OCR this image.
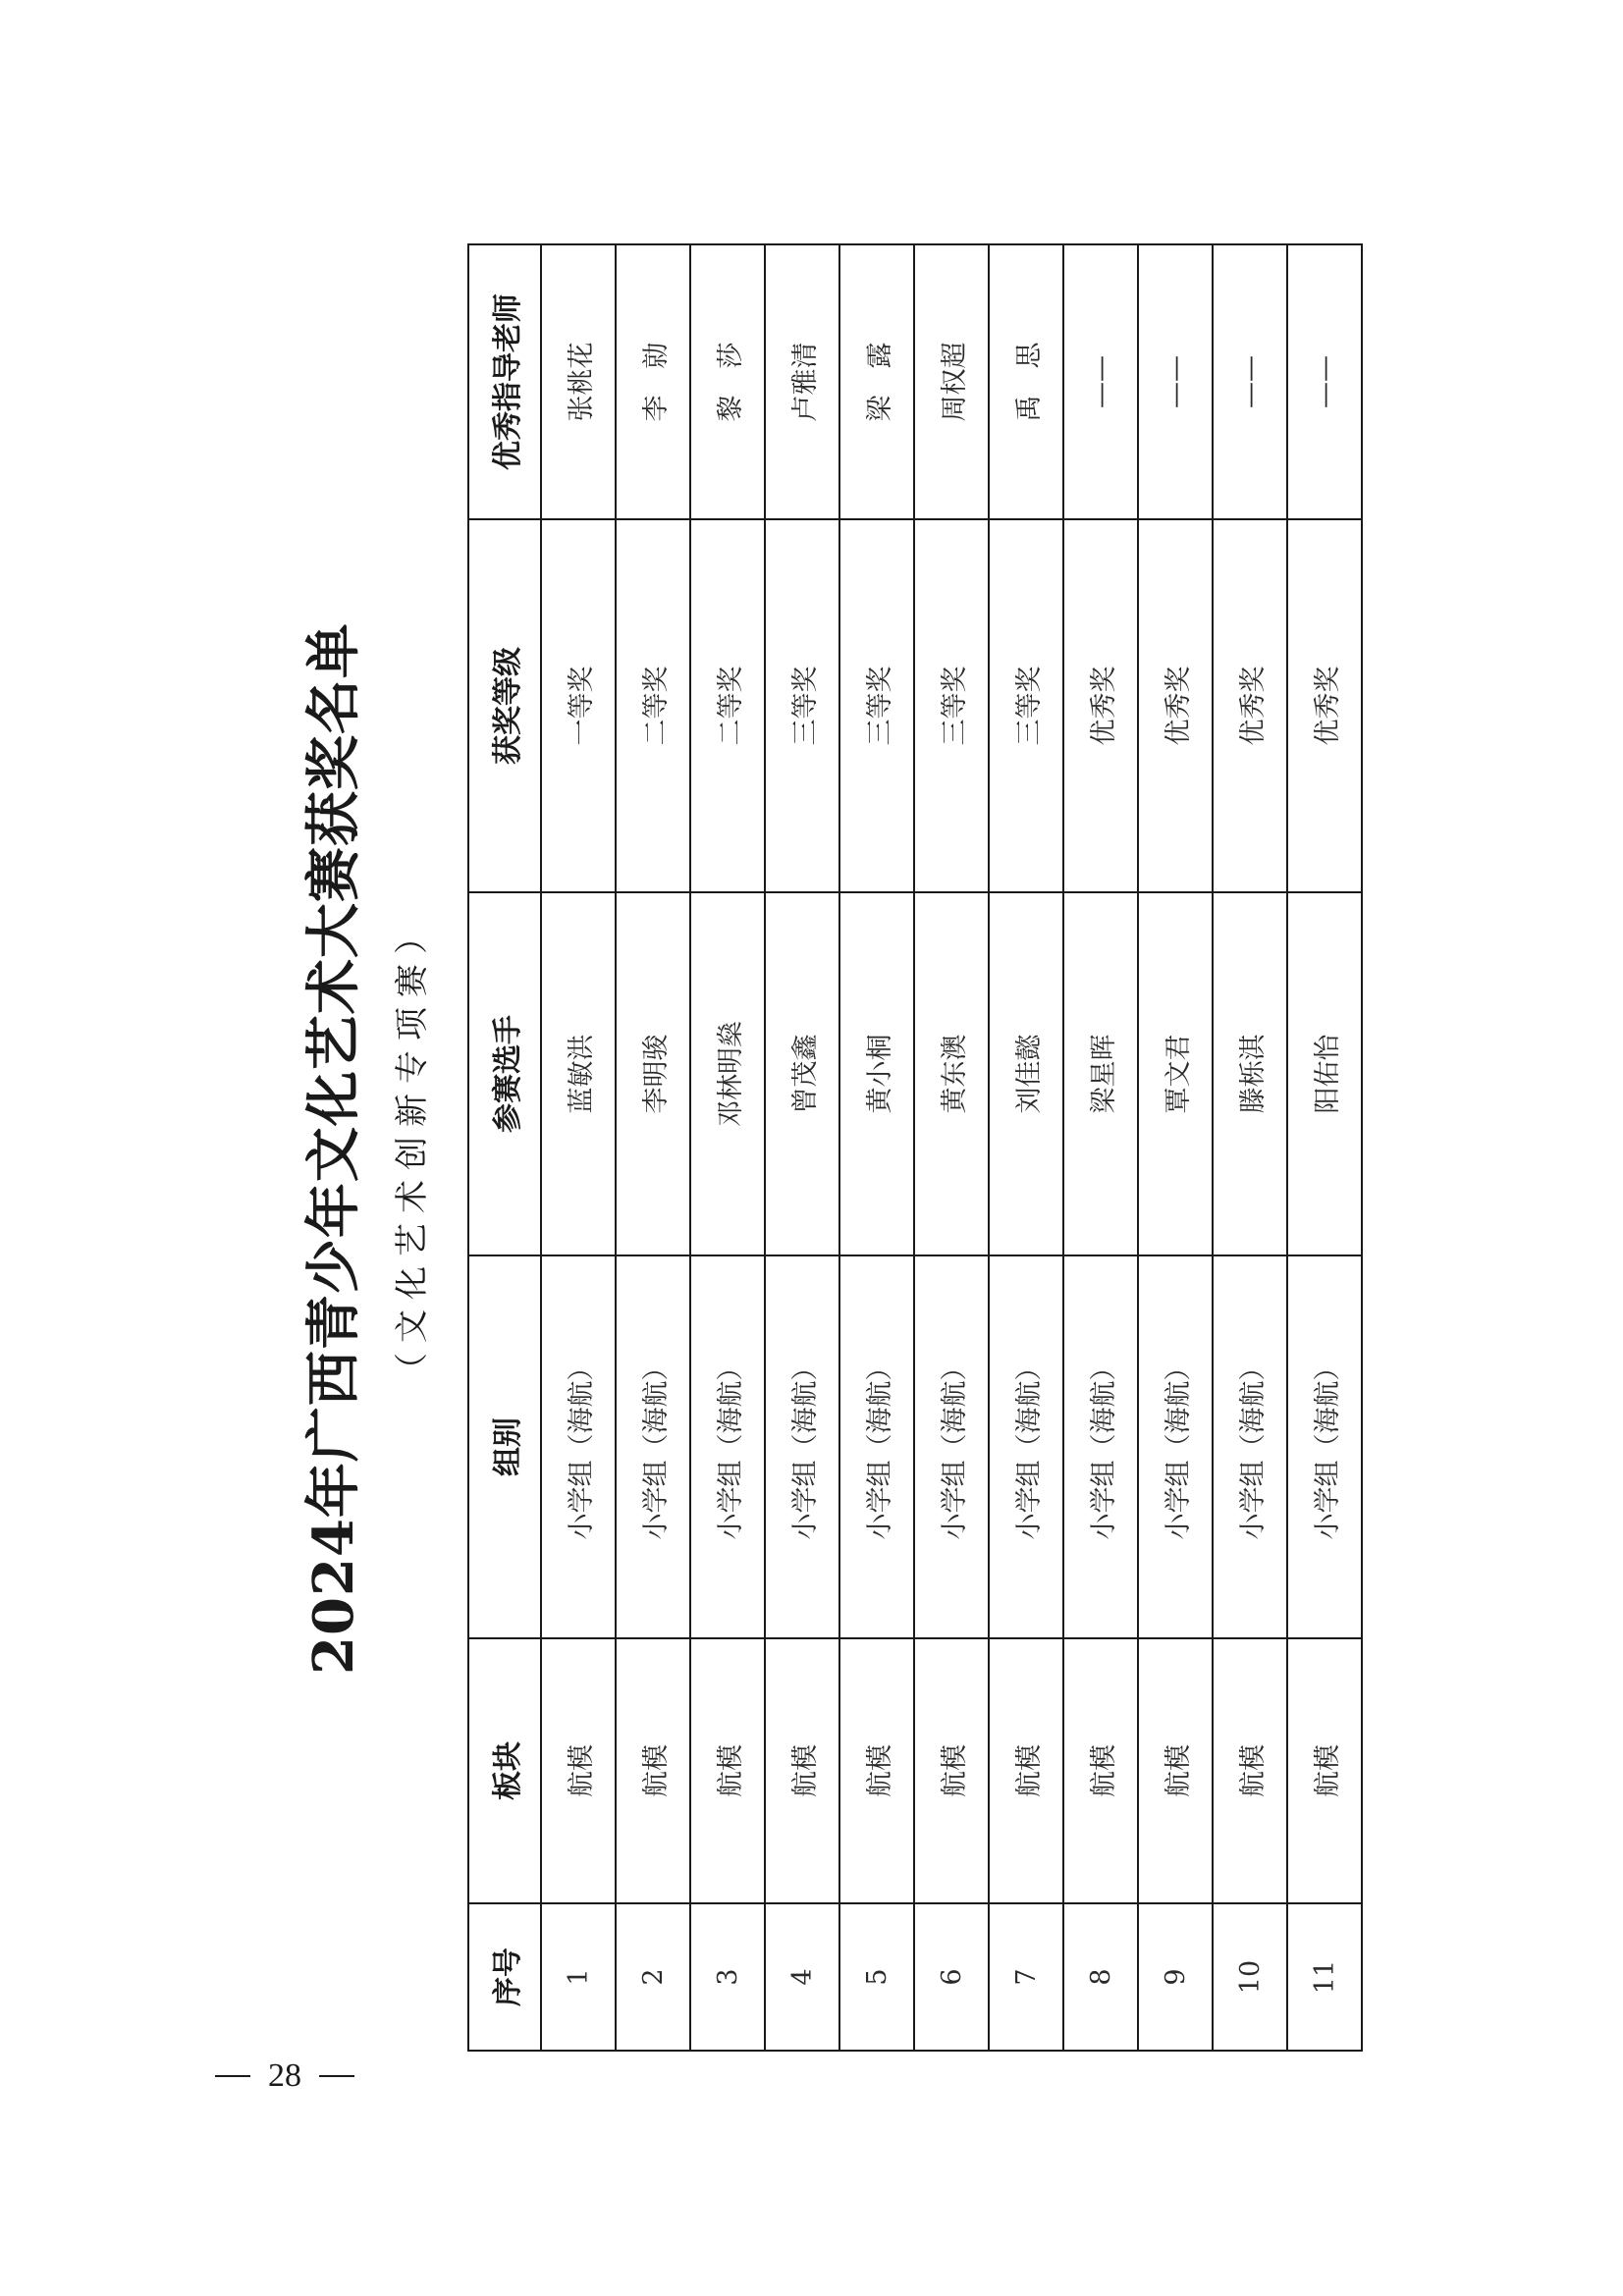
28
2024年广西青少年文化艺术大赛获奖名单 （文化艺术创新专项赛）
序号	板块	组别	参赛选手	获奖等级	优秀指导老师
1	航模	小学组（海航）	蓝敏洪	一等奖	张桃花
2	航模	小学组（海航）	李明骏	二等奖	李　勍
3	航模	小学组（海航）	邓林明燊	二等奖	黎　莎
4	航模	小学组（海航）	曾茂鑫	三等奖	卢雅清
5	航模	小学组（海航）	黄小桐	三等奖	梁　露
6	航模	小学组（海航）	黄东澳	三等奖	周权超
7	航模	小学组（海航）	刘佳懿	三等奖	禹　思
8	航模	小学组（海航）	梁星晖	优秀奖	——
9	航模	小学组（海航）	覃文君	优秀奖	——
10	航模	小学组（海航）	滕栎淇	优秀奖	——
11	航模	小学组（海航）	阳佑怡	优秀奖	——
